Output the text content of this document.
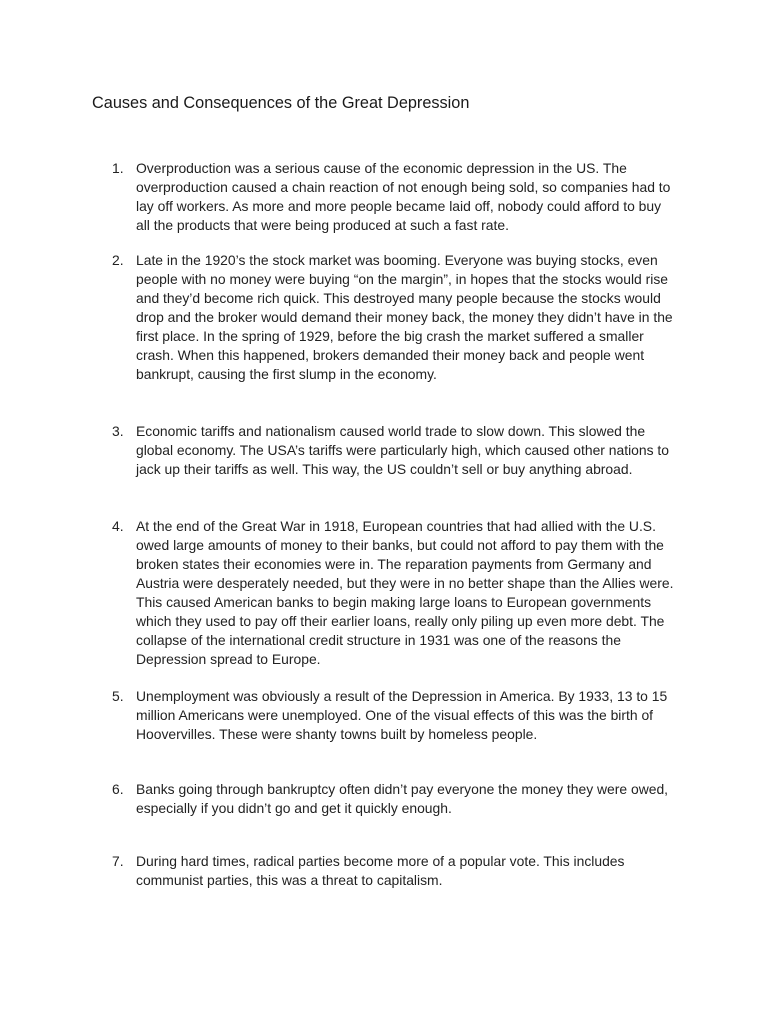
Causes and Consequences of the Great Depression
1. Overproduction was a serious cause of the economic depression in the US. The overproduction caused a chain reaction of not enough being sold, so companies had to lay off workers. As more and more people became laid off, nobody could afford to buy all the products that were being produced at such a fast rate.

2. Late in the 1920’s the stock market was booming. Everyone was buying stocks, even people with no money were buying “on the margin”, in hopes that the stocks would rise and they’d become rich quick. This destroyed many people because the stocks would drop and the broker would demand their money back, the money they didn’t have in the first place. In the spring of 1929, before the big crash the market suffered a smaller crash. When this happened, brokers demanded their money back and people went bankrupt, causing the first slump in the economy.

3. Economic tariffs and nationalism caused world trade to slow down. This slowed the global economy. The USA’s tariffs were particularly high, which caused other nations to jack up their tariffs as well. This way, the US couldn’t sell or buy anything abroad.

4. At the end of the Great War in 1918, European countries that had allied with the U.S. owed large amounts of money to their banks, but could not afford to pay them with the broken states their economies were in. The reparation payments from Germany and Austria were desperately needed, but they were in no better shape than the Allies were. This caused American banks to begin making large loans to European governments which they used to pay off their earlier loans, really only piling up even more debt. The collapse of the international credit structure in 1931 was one of the reasons the Depression spread to Europe.

5. Unemployment was obviously a result of the Depression in America. By 1933, 13 to 15 million Americans were unemployed. One of the visual effects of this was the birth of Hoovervilles. These were shanty towns built by homeless people.

6. Banks going through bankruptcy often didn’t pay everyone the money they were owed, especially if you didn’t go and get it quickly enough.

7. During hard times, radical parties become more of a popular vote. This includes communist parties, this was a threat to capitalism.
